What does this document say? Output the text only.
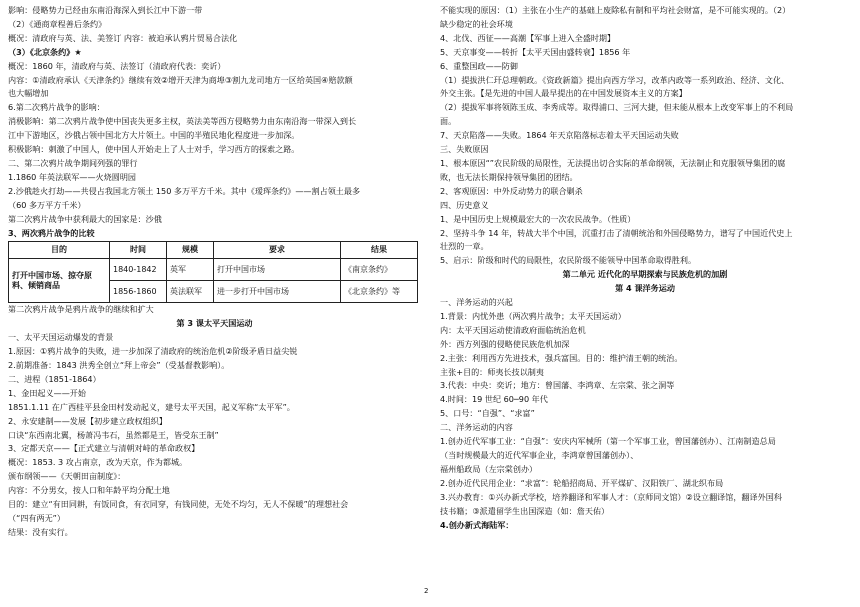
影响：侵略势力已经由东南沿海深入到长江中下游一带
（2）《通商章程善后条约》
概况：清政府与英、法、美签订 内容：被迫承认鸦片贸易合法化
（3）《北京条约》★
概况：1860 年，清政府与英、法签订（清政府代表：奕䜣）
内容：①清政府承认《天津条约》继续有效②增开天津为商埠③割九龙司地方一区给英国④赔款额
也大幅增加
6.第二次鸦片战争的影响：
消极影响：第二次鸦片战争使中国丧失更多主权，英法美等西方侵略势力由东南沿海一带深入到长
江中下游地区，沙俄占领中国北方大片领土。中国的半殖民地化程度进一步加深。
积极影响：刺激了中国人，使中国人开始走上了人士对手，学习西方的探索之路。
二、第二次鸦片战争期间列强的罪行
1.1860 年英法联军——火烧圆明园
2.沙俄趁火打劫——共侵占我国北方领土 150 多万平方千米。其中《瑷珲条约》——割占领土最多
（60 多万平方千米）
第二次鸦片战争中获利最大的国家是：沙俄
3、两次鸦片战争的比较
目的	时间	规模	要求	结果
打开中国市场、掠夺原料、倾销商品	1840-1842	英军	打开中国市场	《南京条约》
	1856-1860	英法联军	进一步打开中国市场	《北京条约》等
第二次鸦片战争是鸦片战争的继续和扩大
第 3 课太平天国运动
一、太平天国运动爆发的背景
1.原因：①鸦片战争的失败，进一步加深了清政府的统治危机②阶级矛盾日益尖锐
2.前期准备：1843 洪秀全创立“拜上帝会”（受基督教影响）。
二、进程（1851-1864）
1、金田起义——开始
1851.1.11 在广西桂平县金田村发动起义，建号太平天国，起义军称“太平军”。
2、永安建制——发展【初步建立政权组织】
口诀“东西南北翼，杨萧冯韦石，虽然都是王，皆受东王制”
3、定都天京——【正式建立与清朝对峙的革命政权】
概况：1853. 3 攻占南京，改为天京，作为都城。
颁布纲领——《天朝田亩制度》：
内容：不分男女，按人口和年龄平均分配土地
目的：建立“有田同耕，有饭同食，有衣同穿，有钱同使，无处不均匀，无人不保暖”的理想社会
（“四有两无”）
结果：没有实行。
不能实现的原因：（1）主张在小生产的基础上废除私有制和平均社会财富，是不可能实现的。（2）
缺少稳定的社会环境
4、北伐、西征——高潮【军事上进入全盛时期】
5、天京事变——转折【太平天国由盛转衰】1856 年
6、重整国政——防御
（1）提拔洪仁玕总理朝政。《资政新篇》提出向西方学习，改革内政等一系列政治、经济、文化、
外交主张。【是先进的中国人最早提出的在中国发展资本主义的方案】
（2）提拔军事将领陈玉成、李秀成等。取得浦口、三河大捷，但未能从根本上改变军事上的不利局
面。
7、天京陷落——失败。1864 年天京陷落标志着太平天国运动失败
三、失败原因
1、根本原因“”农民阶级的局限性，无法提出切合实际的革命纲领，无法制止和克服领导集团的腐
败，也无法长期保持领导集团的团结。
2、客观原因：中外反动势力的联合剿杀
四、历史意义
1、是中国历史上规模最宏大的一次农民战争。（性质）
2、坚持斗争 14 年，转战大半个中国，沉重打击了清朝统治和外国侵略势力，谱写了中国近代史上
壮烈的一章。
5、启示：阶级和时代的局限性，农民阶级不能领导中国革命取得胜利。
第二单元 近代化的早期探索与民族危机的加剧
第 4 课洋务运动
一、洋务运动的兴起
1.背景：内忧外患（两次鸦片战争；太平天国运动）
内：太平天国运动使清政府面临统治危机
外：西方列强的侵略使民族危机加深
2.主张：利用西方先进技术，强兵富国。目的：维护清王朝的统治。
主张+目的：师夷长技以制夷
3.代表：中央：奕䜣；地方：曾国藩、李鸿章、左宗棠、张之洞等
4.时间：19 世纪 60─90 年代
5、口号：“自强”、“求富”
二、洋务运动的内容
1.创办近代军事工业：“自强”：安庆内军械所（第一个军事工业，曾国藩创办）、江南制造总局
（当时规模最大的近代军事企业，李鸿章曾国藩创办）、
福州船政局（左宗棠创办）
2.创办近代民用企业：“求富”：轮船招商局、开平煤矿、汉阳铁厂、湖北织布局
3.兴办教育：①兴办新式学校，培养翻译和军事人才：（京师同文馆）②设立翻译馆，翻译外国科
技书籍；③派遣留学生出国深造（如：詹天佑）
4.创办新式海陆军：
2
